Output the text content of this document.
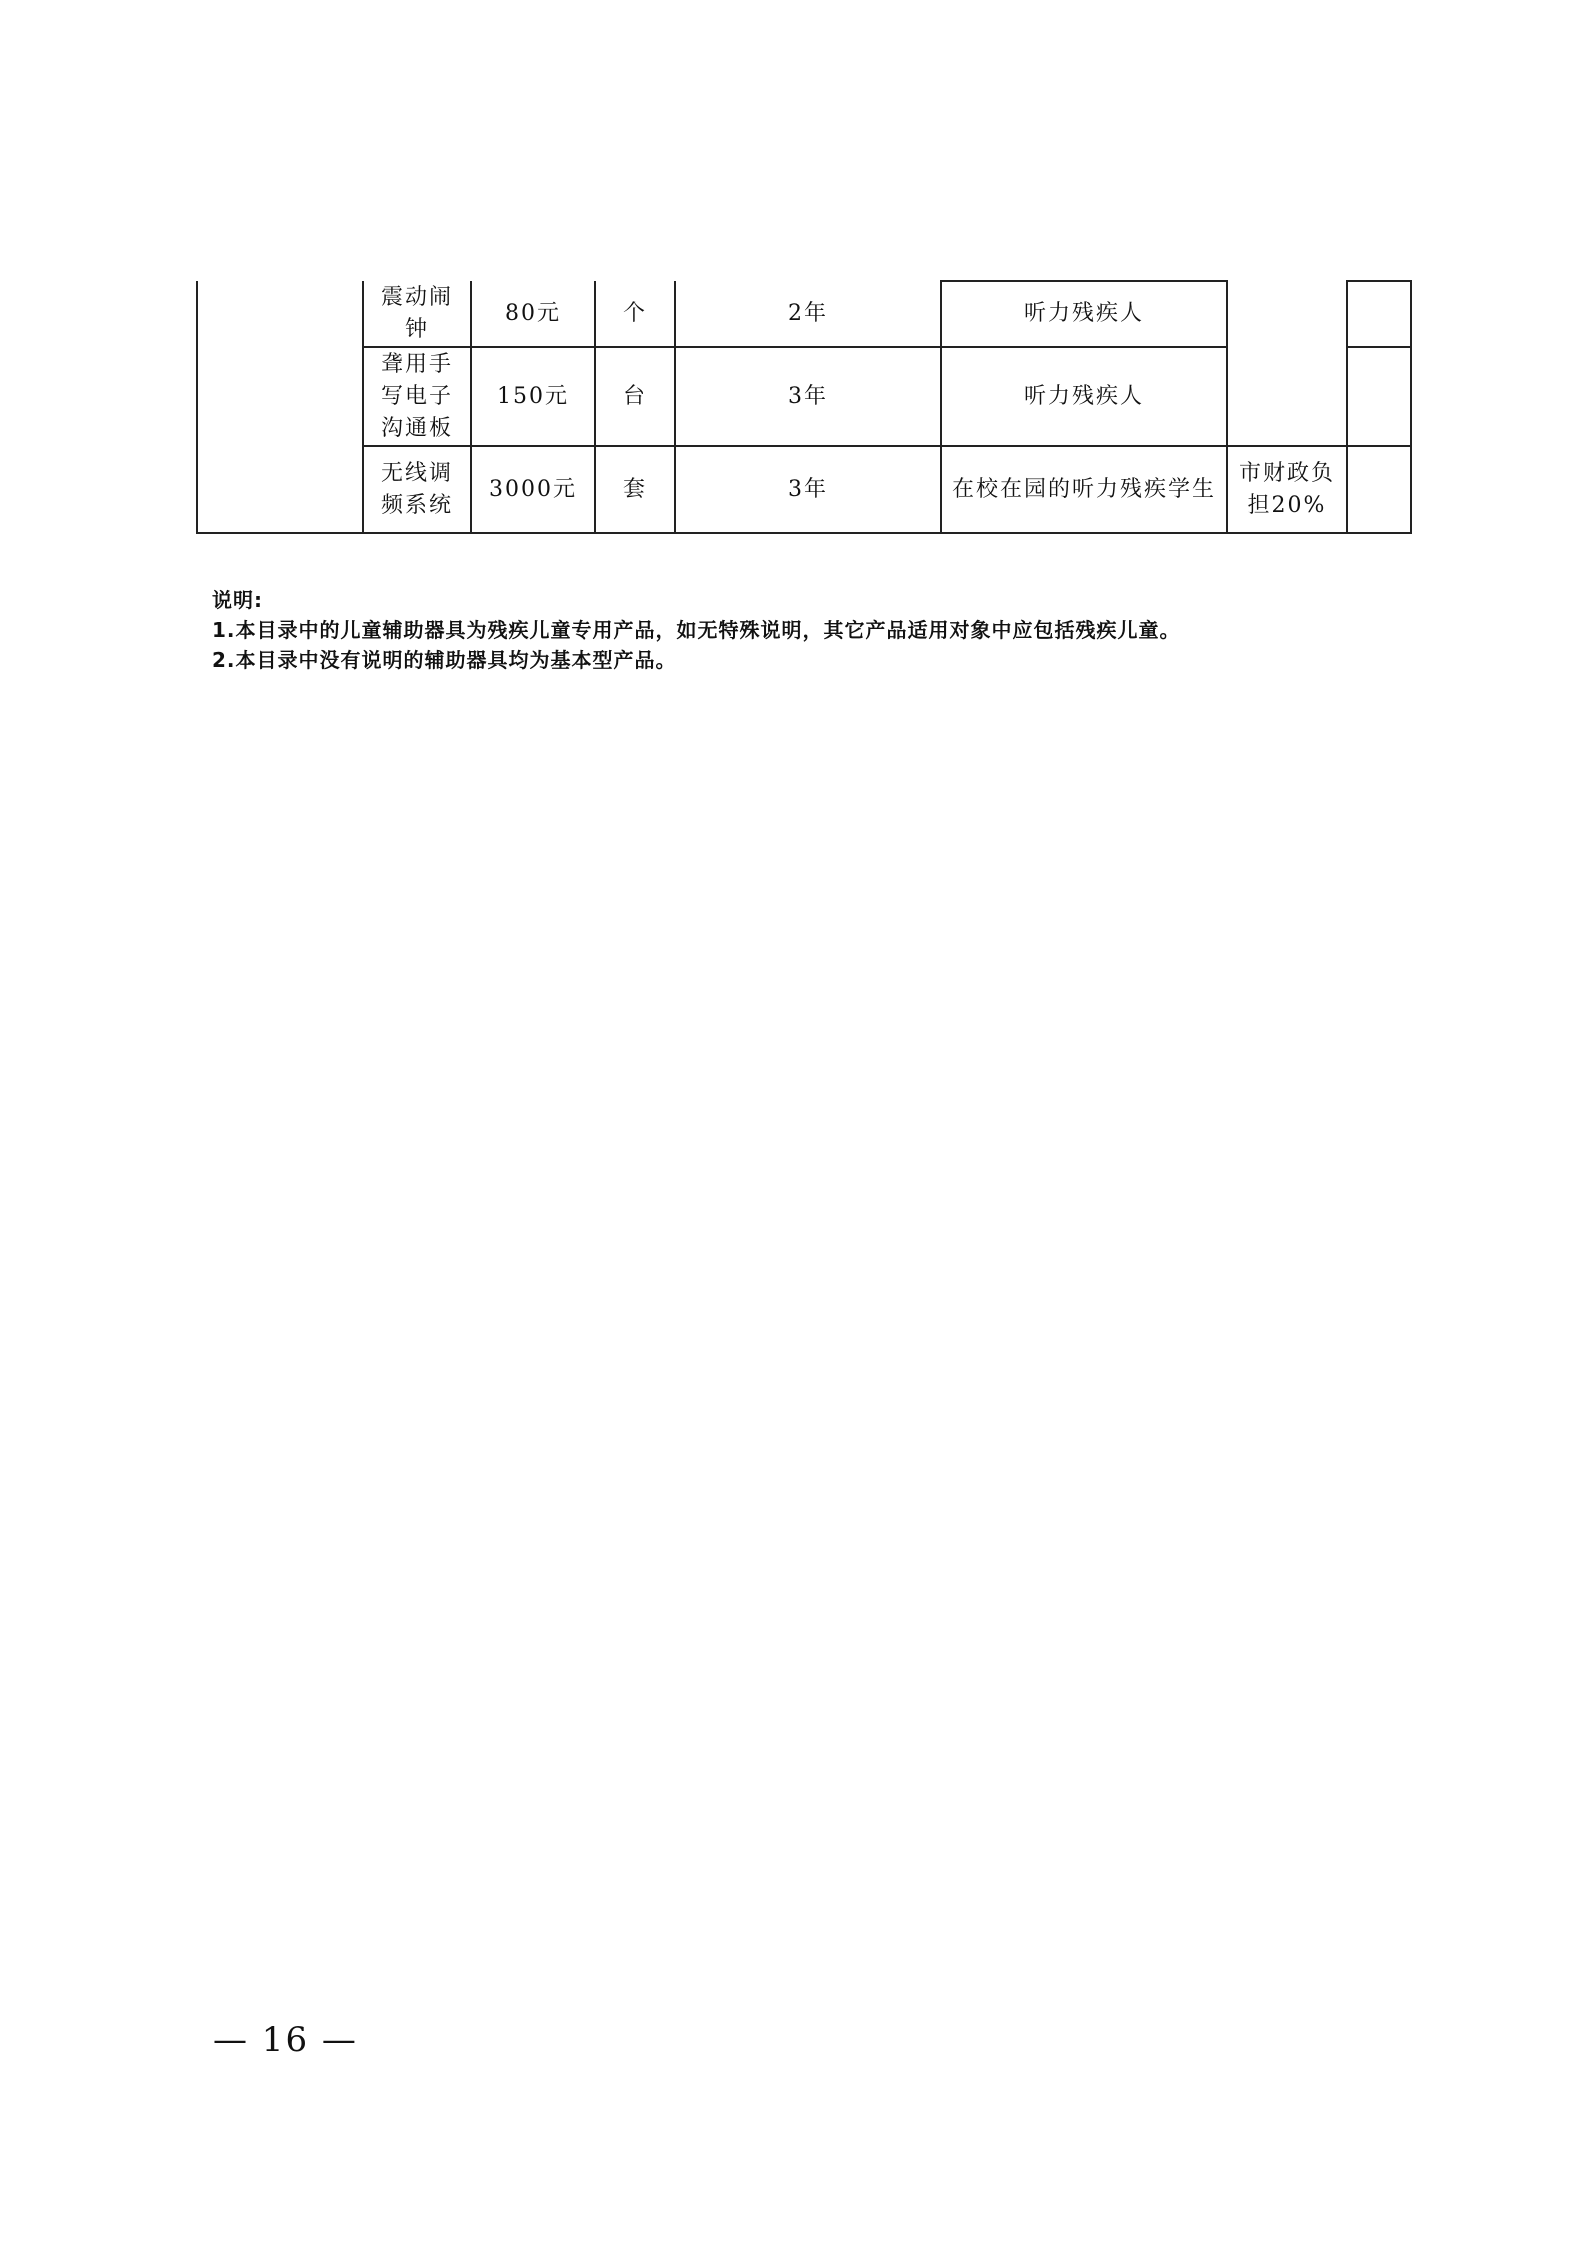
	震动闹钟	80元	个	2年	听力残疾人		
	聋用手写电子沟通板	150元	台	3年	听力残疾人		
	无线调频系统	3000元	套	3年	在校在园的听力残疾学生	市财政负担20%	
说明:
1.本目录中的儿童辅助器具为残疾儿童专用产品，如无特殊说明，其它产品适用对象中应包括残疾儿童。
2.本目录中没有说明的辅助器具均为基本型产品。
— 16 —
